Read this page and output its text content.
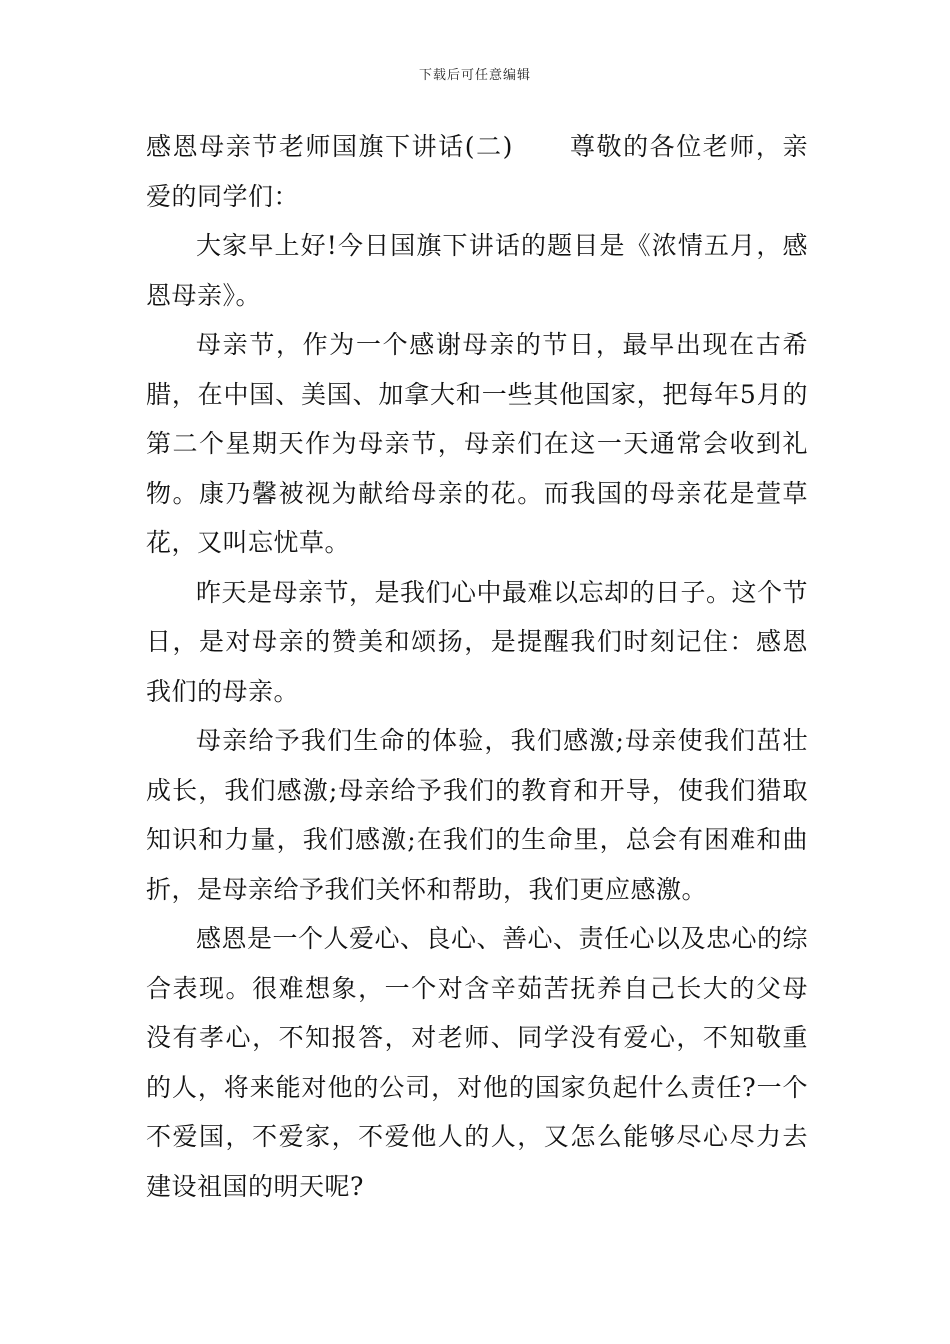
下载后可任意编辑

感恩母亲节老师国旗下讲话(二) 尊敬的各位老师，亲爱的同学们：

大家早上好!今日国旗下讲话的题目是《浓情五月，感恩母亲》。

母亲节，作为一个感谢母亲的节日，最早出现在古希腊，在中国、美国、加拿大和一些其他国家，把每年5月的第二个星期天作为母亲节，母亲们在这一天通常会收到礼物。康乃馨被视为献给母亲的花。而我国的母亲花是萱草花，又叫忘忧草。

昨天是母亲节，是我们心中最难以忘却的日子。这个节日，是对母亲的赞美和颂扬，是提醒我们时刻记住：感恩我们的母亲。

母亲给予我们生命的体验，我们感激;母亲使我们茁壮成长，我们感激;母亲给予我们的教育和开导，使我们猎取知识和力量，我们感激;在我们的生命里，总会有困难和曲折，是母亲给予我们关怀和帮助，我们更应感激。

感恩是一个人爱心、良心、善心、责任心以及忠心的综合表现。很难想象，一个对含辛茹苦抚养自己长大的父母没有孝心，不知报答，对老师、同学没有爱心，不知敬重的人，将来能对他的公司，对他的国家负起什么责任?一个不爱国，不爱家，不爱他人的人，又怎么能够尽心尽力去建设祖国的明天呢?
